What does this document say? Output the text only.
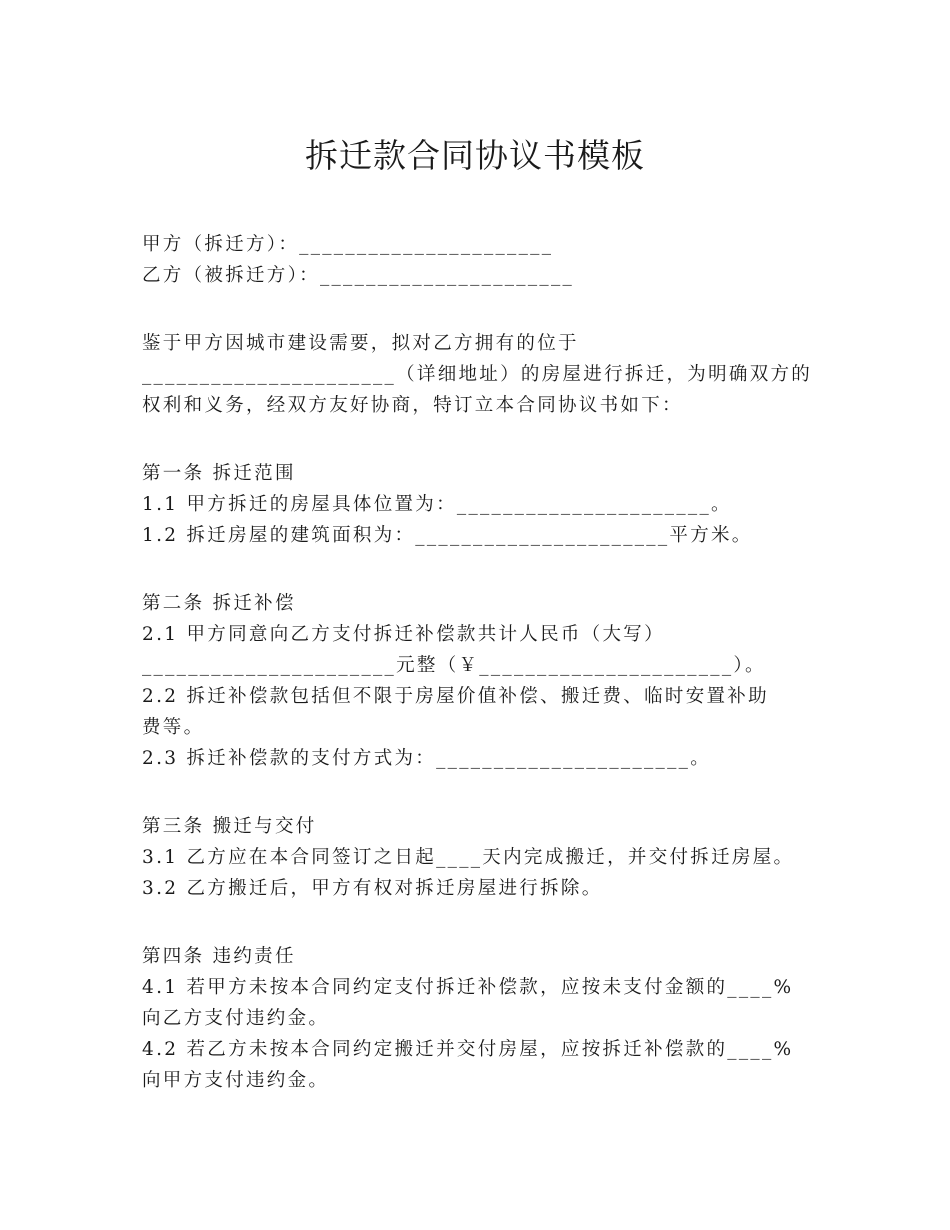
拆迁款合同协议书模板
甲方（拆迁方）：______________________
乙方（被拆迁方）：______________________
鉴于甲方因城市建设需要，拟对乙方拥有的位于
______________________（详细地址）的房屋进行拆迁，为明确双方的
权利和义务，经双方友好协商，特订立本合同协议书如下：
第一条 拆迁范围
1.1 甲方拆迁的房屋具体位置为：______________________。
1.2 拆迁房屋的建筑面积为：______________________平方米。
第二条 拆迁补偿
2.1 甲方同意向乙方支付拆迁补偿款共计人民币（大写）
______________________元整（￥______________________）。
2.2 拆迁补偿款包括但不限于房屋价值补偿、搬迁费、临时安置补助
费等。
2.3 拆迁补偿款的支付方式为：______________________。
第三条 搬迁与交付
3.1 乙方应在本合同签订之日起____天内完成搬迁，并交付拆迁房屋。
3.2 乙方搬迁后，甲方有权对拆迁房屋进行拆除。
第四条 违约责任
4.1 若甲方未按本合同约定支付拆迁补偿款，应按未支付金额的____%
向乙方支付违约金。
4.2 若乙方未按本合同约定搬迁并交付房屋，应按拆迁补偿款的____%
向甲方支付违约金。
